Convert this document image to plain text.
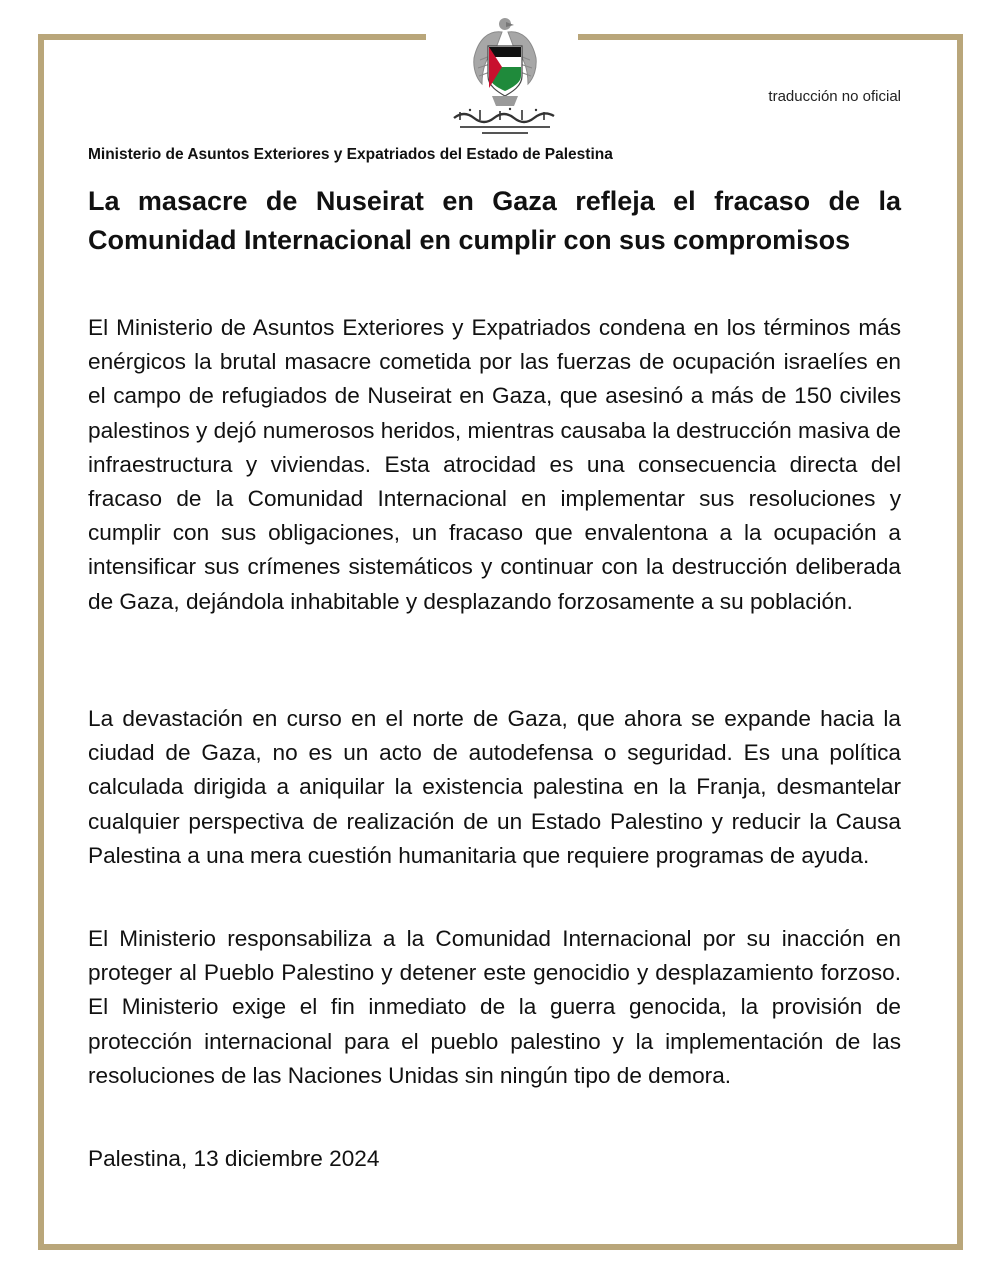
traducción no oficial
Ministerio de Asuntos Exteriores y Expatriados del Estado de Palestina
La masacre de Nuseirat en Gaza refleja el fracaso de la Comunidad Internacional en cumplir con sus compromisos
El Ministerio de Asuntos Exteriores y Expatriados condena en los términos más enérgicos la brutal masacre cometida por las fuerzas de ocupación israelíes en el campo de refugiados de Nuseirat en Gaza, que asesinó a más de 150 civiles palestinos y dejó numerosos heridos, mientras causaba la destrucción masiva de infraestructura y viviendas. Esta atrocidad es una consecuencia directa del fracaso de la Comunidad Internacional en implementar sus resoluciones y cumplir con sus obligaciones, un fracaso que envalentona a la ocupación a intensificar sus crímenes sistemáticos y continuar con la destrucción deliberada de Gaza, dejándola inhabitable y desplazando forzosamente a su población.
La devastación en curso en el norte de Gaza, que ahora se expande hacia la ciudad de Gaza, no es un acto de autodefensa o seguridad. Es una política calculada dirigida a aniquilar la existencia palestina en la Franja, desmantelar cualquier perspectiva de realización de un Estado Palestino y reducir la Causa Palestina a una mera cuestión humanitaria que requiere programas de ayuda.
El Ministerio responsabiliza a la Comunidad Internacional por su inacción en proteger al Pueblo Palestino y detener este genocidio y desplazamiento forzoso. El Ministerio exige el fin inmediato de la guerra genocida, la provisión de protección internacional para el pueblo palestino y la implementación de las resoluciones de las Naciones Unidas sin ningún tipo de demora.
Palestina, 13 diciembre 2024
